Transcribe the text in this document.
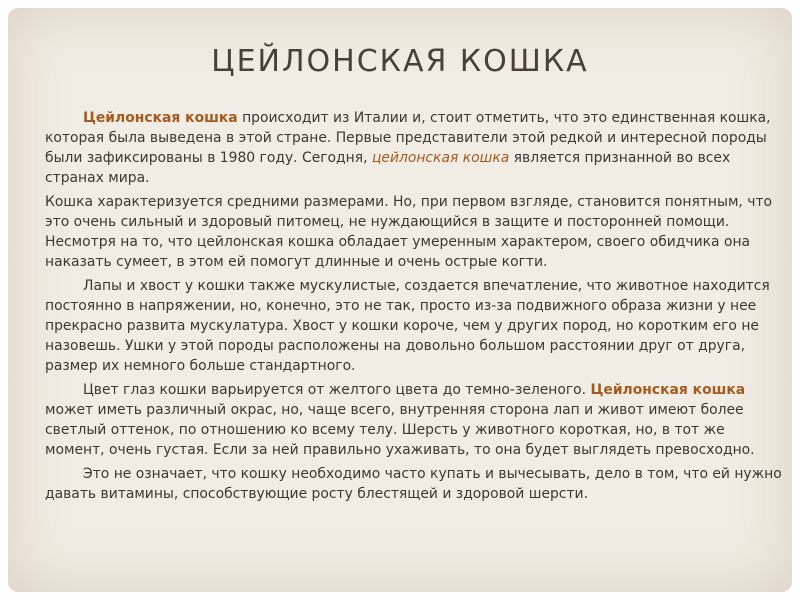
ЦЕЙЛОНСКАЯ КОШКА

Цейлонская кошка происходит из Италии и, стоит отметить, что это единственная кошка, которая была выведена в этой стране. Первые представители этой редкой и интересной породы были зафиксированы в 1980 году. Сегодня, цейлонская кошка является признанной во всех странах мира.

Кошка характеризуется средними размерами. Но, при первом взгляде, становится понятным, что это очень сильный и здоровый питомец, не нуждающийся в защите и посторонней помощи. Несмотря на то, что цейлонская кошка обладает умеренным характером, своего обидчика она наказать сумеет, в этом ей помогут длинные и очень острые когти.

Лапы и хвост у кошки также мускулистые, создается впечатление, что животное находится постоянно в напряжении, но, конечно, это не так, просто из-за подвижного образа жизни у нее прекрасно развита мускулатура. Хвост у кошки короче, чем у других пород, но коротким его не назовешь. Ушки у этой породы расположены на довольно большом расстоянии друг от друга, размер их немного больше стандартного.

Цвет глаз кошки варьируется от желтого цвета до темно-зеленого. Цейлонская кошка может иметь различный окрас, но, чаще всего, внутренняя сторона лап и живот имеют более светлый оттенок, по отношению ко всему телу. Шерсть у животного короткая, но, в тот же момент, очень густая. Если за ней правильно ухаживать, то она будет выглядеть превосходно.

Это не означает, что кошку необходимо часто купать и вычесывать, дело в том, что ей нужно давать витамины, способствующие росту блестящей и здоровой шерсти.
